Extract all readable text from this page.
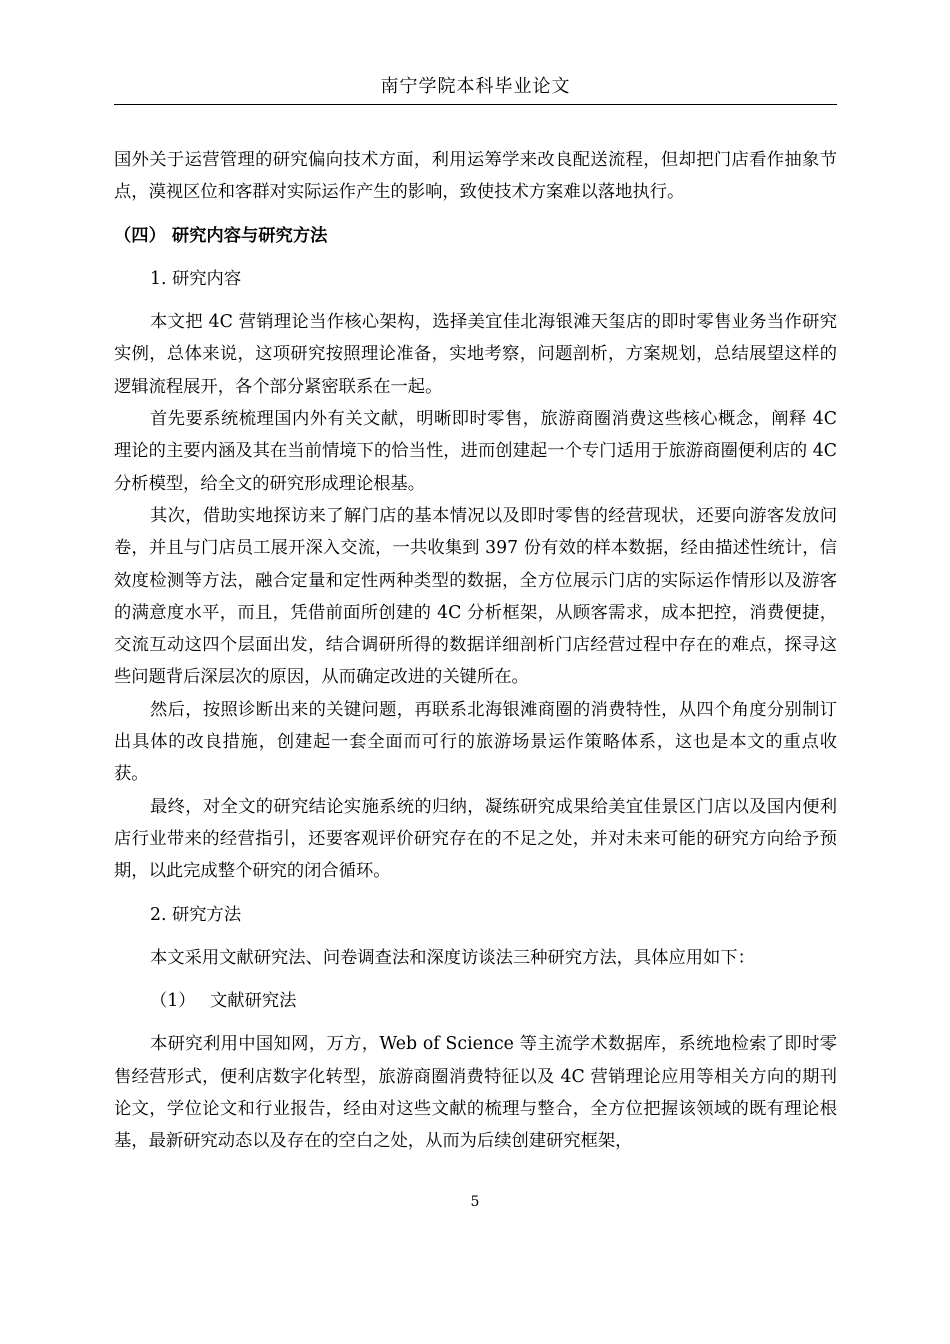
南宁学院本科毕业论文

国外关于运营管理的研究偏向技术方面，利用运筹学来改良配送流程，但却把门店看作抽象节点，漠视区位和客群对实际运作产生的影响，致使技术方案难以落地执行。

（四） 研究内容与研究方法

1. 研究内容

本文把 4C 营销理论当作核心架构，选择美宜佳北海银滩天玺店的即时零售业务当作研究实例，总体来说，这项研究按照理论准备，实地考察，问题剖析，方案规划，总结展望这样的逻辑流程展开，各个部分紧密联系在一起。

首先要系统梳理国内外有关文献，明晰即时零售，旅游商圈消费这些核心概念，阐释 4C 理论的主要内涵及其在当前情境下的恰当性，进而创建起一个专门适用于旅游商圈便利店的 4C 分析模型，给全文的研究形成理论根基。

其次，借助实地探访来了解门店的基本情况以及即时零售的经营现状，还要向游客发放问卷，并且与门店员工展开深入交流，一共收集到 397 份有效的样本数据，经由描述性统计，信效度检测等方法，融合定量和定性两种类型的数据，全方位展示门店的实际运作情形以及游客的满意度水平，而且，凭借前面所创建的 4C 分析框架，从顾客需求，成本把控，消费便捷，交流互动这四个层面出发，结合调研所得的数据详细剖析门店经营过程中存在的难点，探寻这些问题背后深层次的原因，从而确定改进的关键所在。

然后，按照诊断出来的关键问题，再联系北海银滩商圈的消费特性，从四个角度分别制订出具体的改良措施，创建起一套全面而可行的旅游场景运作策略体系，这也是本文的重点收获。

最终，对全文的研究结论实施系统的归纳，凝练研究成果给美宜佳景区门店以及国内便利店行业带来的经营指引，还要客观评价研究存在的不足之处，并对未来可能的研究方向给予预期，以此完成整个研究的闭合循环。

2. 研究方法

本文采用文献研究法、问卷调查法和深度访谈法三种研究方法，具体应用如下：

（1） 文献研究法

本研究利用中国知网，万方，Web of Science 等主流学术数据库，系统地检索了即时零售经营形式，便利店数字化转型，旅游商圈消费特征以及 4C 营销理论应用等相关方向的期刊论文，学位论文和行业报告，经由对这些文献的梳理与整合，全方位把握该领域的既有理论根基，最新研究动态以及存在的空白之处，从而为后续创建研究框架，

5
